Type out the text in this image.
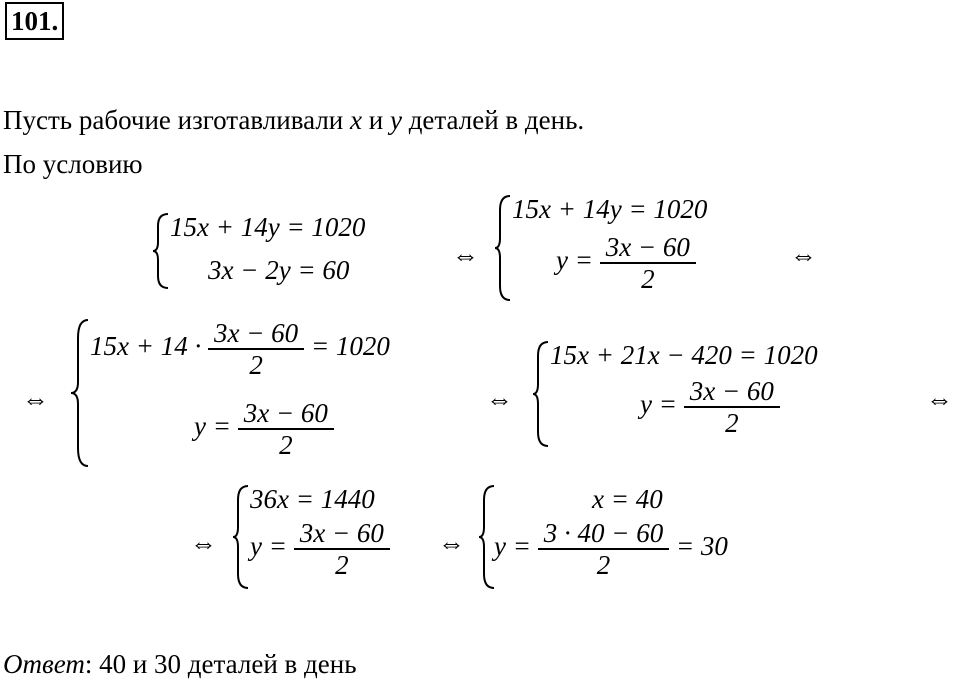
101.
Пусть рабочие изготавливали x и y деталей в день.
По условию
15x + 14y = 1020
3x − 2y = 60	⇔
15x + 14y = 1020
$y = \frac{3x - 60}{2}$	⇔
⇔
$15x + 14 \cdot \frac{3x - 60}{2} = 1020$
$y = \frac{3x - 60}{2}$	⇔
15x + 21x − 420 = 1020
$y = \frac{3x - 60}{2}$	⇔
⇔
36x = 1440
$y = \frac{3x - 60}{2}$ ⇔
x = 40
$y = \frac{3 \cdot 40 - 60}{2} = 30$
Ответ: 40 и 30 деталей в день
